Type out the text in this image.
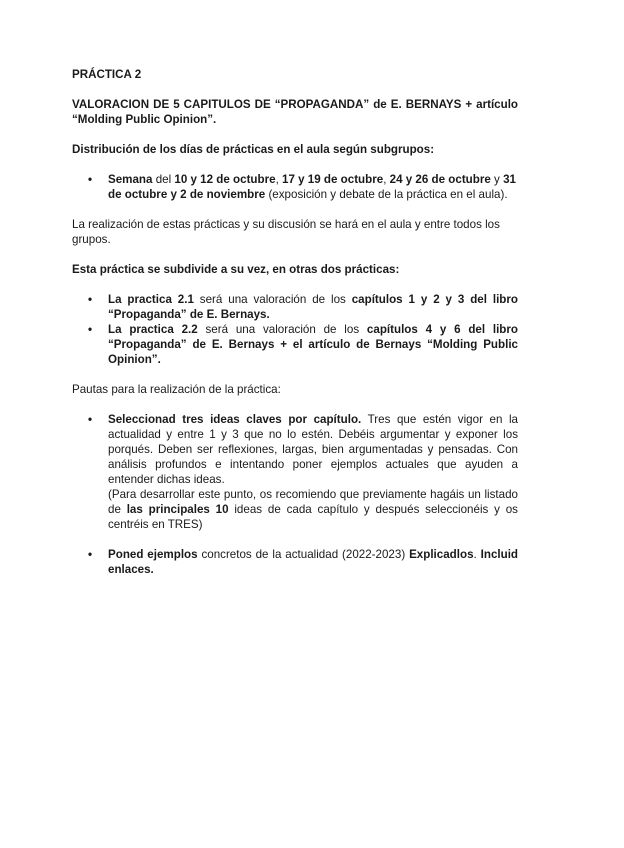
PRÁCTICA 2

VALORACION DE 5 CAPITULOS DE “PROPAGANDA” de E. BERNAYS + artículo “Molding Public Opinion”.

Distribución de los días de prácticas en el aula según subgrupos:

• Semana del 10 y 12 de octubre, 17 y 19 de octubre, 24 y 26 de octubre y 31 de octubre y 2 de noviembre (exposición y debate de la práctica en el aula).

La realización de estas prácticas y su discusión se hará en el aula y entre todos los grupos.

Esta práctica se subdivide a su vez, en otras dos prácticas:

• La practica 2.1 será una valoración de los capítulos 1 y 2 y 3 del libro “Propaganda” de E. Bernays.
• La practica 2.2 será una valoración de los capítulos 4 y 6 del libro “Propaganda” de E. Bernays + el artículo de Bernays “Molding Public Opinion”.

Pautas para la realización de la práctica:

• Seleccionad tres ideas claves por capítulo. Tres que estén vigor en la actualidad y entre 1 y 3 que no lo estén. Debéis argumentar y exponer los porqués. Deben ser reflexiones, largas, bien argumentadas y pensadas. Con análisis profundos e intentando poner ejemplos actuales que ayuden a entender dichas ideas.
(Para desarrollar este punto, os recomiendo que previamente hagáis un listado de las principales 10 ideas de cada capítulo y después seleccionéis y os centréis en TRES)
• Poned ejemplos concretos de la actualidad (2022-2023) Explicadlos. Incluid enlaces.
